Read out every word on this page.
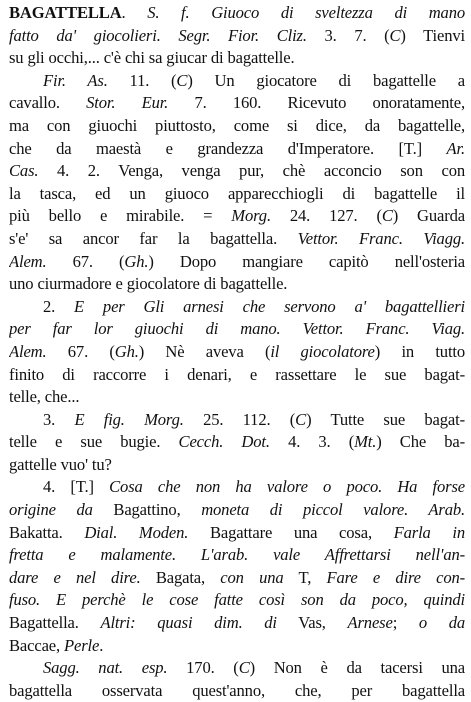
BAGATTELLA. S. f. Giuoco di sveltezza di mano
fatto da' giocolieri. Segr. Fior. Cliz. 3. 7. (C) Tienvi
su gli occhi,... c'è chi sa giucar di bagattelle.
Fir. As. 11. (C) Un giocatore di bagattelle a
cavallo. Stor. Eur. 7. 160. Ricevuto onoratamente,
ma con giuochi piuttosto, come si dice, da bagattelle,
che da maestà e grandezza d'Imperatore. [T.] Ar.
Cas. 4. 2. Venga, venga pur, chè acconcio son con
la tasca, ed un giuoco apparecchiogli di bagattelle il
più bello e mirabile. = Morg. 24. 127. (C) Guarda
s'e' sa ancor far la bagattella. Vettor. Franc. Viagg.
Alem. 67. (Gh.) Dopo mangiare capitò nell'osteria
uno ciurmadore e giocolatore di bagattelle.
2. E per Gli arnesi che servono a' bagattellieri
per far lor giuochi di mano. Vettor. Franc. Viag.
Alem. 67. (Gh.) Nè aveva (il giocolatore) in tutto
finito di raccorre i denari, e rassettare le sue bagat-
telle, che...
3. E fig. Morg. 25. 112. (C) Tutte sue bagat-
telle e sue bugie. Cecch. Dot. 4. 3. (Mt.) Che ba-
gattelle vuo' tu?
4. [T.] Cosa che non ha valore o poco. Ha forse
origine da Bagattino, moneta di piccol valore. Arab.
Bakatta. Dial. Moden. Bagattare una cosa, Farla in
fretta e malamente. L'arab. vale Affrettarsi nell'an-
dare e nel dire. Bagata, con una T, Fare e dire con-
fuso. E perchè le cose fatte così son da poco, quindi
Bagattella. Altri: quasi dim. di Vas, Arnese; o da
Baccae, Perle.
Sagg. nat. esp. 170. (C) Non è da tacersi una
bagattella osservata quest'anno, che, per bagattella
